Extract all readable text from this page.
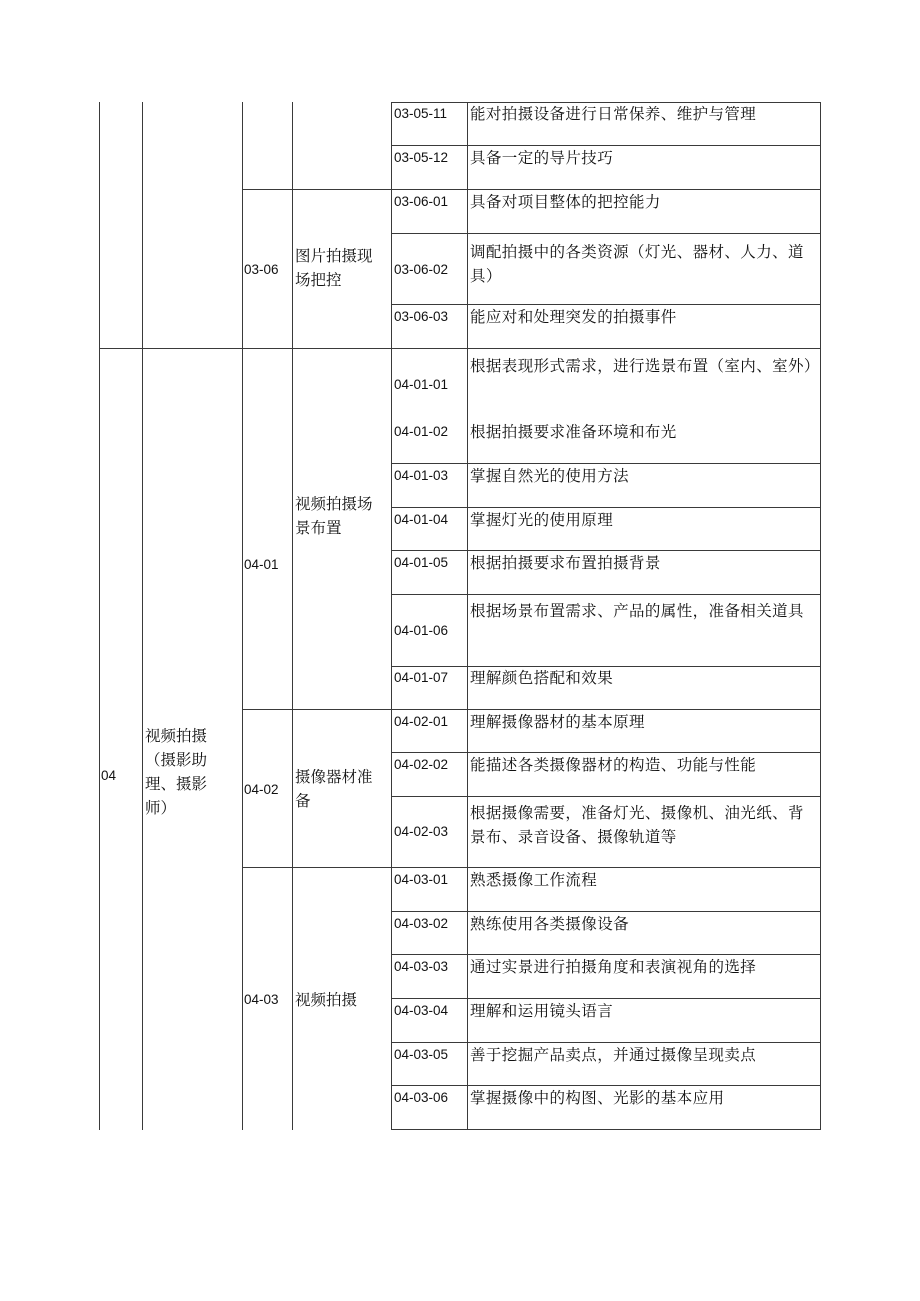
03-05-11 能对拍摄设备进行日常保养、维护与管理
03-05-12 具备一定的导片技巧
03-06
图片拍摄现
场把控
03-06-01 具备对项目整体的把控能力
03-06-02
调配拍摄中的各类资源（灯光、器材、人力、道具）
03-06-03 能应对和处理突发的拍摄事件
04
视频拍摄
（摄影助
理、摄影
师）
04-01
视频拍摄场
景布置
04-01-01
根据表现形式需求，进行选景布置（室内、室外）
04-01-02 根据拍摄要求准备环境和布光
04-01-03 掌握自然光的使用方法
04-01-04 掌握灯光的使用原理
04-01-05 根据拍摄要求布置拍摄背景
04-01-06
根据场景布置需求、产品的属性，准备相关道具
04-01-07 理解颜色搭配和效果
04-02
摄像器材准
备
04-02-01 理解摄像器材的基本原理
04-02-02 能描述各类摄像器材的构造、功能与性能
04-02-03
根据摄像需要，准备灯光、摄像机、油光纸、背景布、录音设备、摄像轨道等
04-03 视频拍摄
04-03-01 熟悉摄像工作流程
04-03-02 熟练使用各类摄像设备
04-03-03 通过实景进行拍摄角度和表演视角的选择
04-03-04 理解和运用镜头语言
04-03-05 善于挖掘产品卖点，并通过摄像呈现卖点
04-03-06 掌握摄像中的构图、光影的基本应用
